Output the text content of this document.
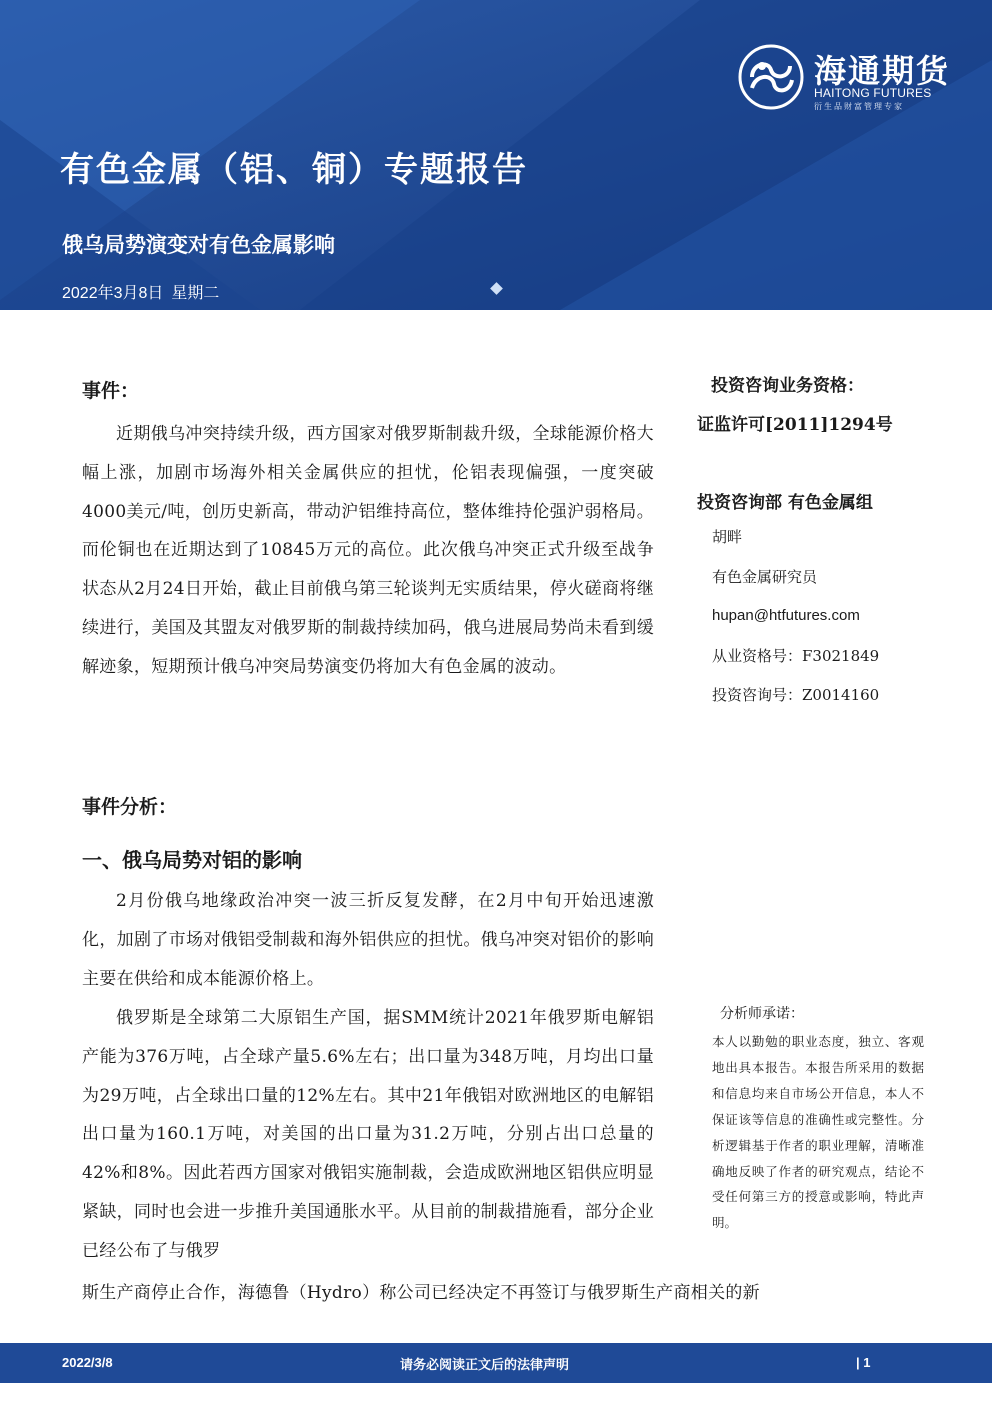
海通期货
HAITONG FUTURES
衍生品财富管理专家
有色金属（铝、铜）专题报告
俄乌局势演变对有色金属影响
2022年3月8日 星期二
事件：
近期俄乌冲突持续升级，西方国家对俄罗斯制裁升级，全球能源价格大幅上涨，加剧市场海外相关金属供应的担忧，伦铝表现偏强，一度突破4000美元/吨，创历史新高，带动沪铝维持高位，整体维持伦强沪弱格局。而伦铜也在近期达到了10845万元的高位。此次俄乌冲突正式升级至战争状态从2月24日开始，截止目前俄乌第三轮谈判无实质结果，停火磋商将继续进行，美国及其盟友对俄罗斯的制裁持续加码，俄乌进展局势尚未看到缓解迹象，短期预计俄乌冲突局势演变仍将加大有色金属的波动。
事件分析：
一、俄乌局势对铝的影响
2月份俄乌地缘政治冲突一波三折反复发酵，在2月中旬开始迅速激化，加剧了市场对俄铝受制裁和海外铝供应的担忧。俄乌冲突对铝价的影响主要在供给和成本能源价格上。
俄罗斯是全球第二大原铝生产国，据SMM统计2021年俄罗斯电解铝产能为376万吨，占全球产量5.6%左右；出口量为348万吨，月均出口量为29万吨，占全球出口量的12%左右。其中21年俄铝对欧洲地区的电解铝出口量为160.1万吨，对美国的出口量为31.2万吨，分别占出口总量的42%和8%。因此若西方国家对俄铝实施制裁，会造成欧洲地区铝供应明显紧缺，同时也会进一步推升美国通胀水平。从目前的制裁措施看，部分企业已经公布了与俄罗
斯生产商停止合作，海德鲁（Hydro）称公司已经决定不再签订与俄罗斯生产商相关的新
投资咨询业务资格：
证监许可[2011]1294号
投资咨询部 有色金属组
胡畔
有色金属研究员
hupan@htfutures.com
从业资格号：F3021849
投资咨询号：Z0014160
分析师承诺：
本人以勤勉的职业态度，独立、客观地出具本报告。本报告所采用的数据和信息均来自市场公开信息，本人不保证该等信息的准确性或完整性。分析逻辑基于作者的职业理解，清晰准确地反映了作者的研究观点，结论不受任何第三方的授意或影响，特此声明。
2022/3/8	请务必阅读正文后的法律声明	| 1
